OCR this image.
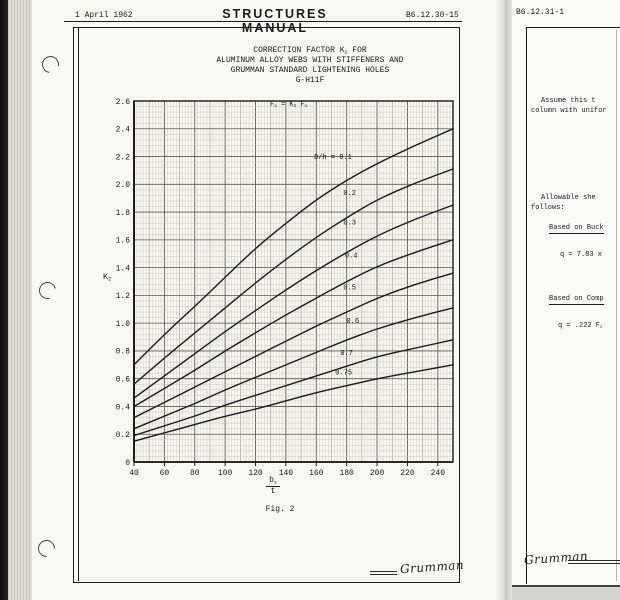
1 April 1962	STRUCTURES MANUAL
B6.12.30-15
CORRECTION FACTOR $K_2$ FOR
ALUMINUM ALLOY WEBS WITH STIFFENERS AND
GRUMMAN STANDARD LIGHTENING HOLES
G-H11F
40	60	80 100 120 140 160 180 200 220 240
0
0.2
0.4
0.6
0.8
1.0
1.2
1.4
1.6
1.8
2.0
2.2
2.4
2.6
D/h = 0.1
0.2
0.3
0.4
0.5
0.6
0.7
0.75
$F_s = K_2$ $F_o$
$K_2$
$\frac{b_s}{t}$
Fig. 2
Grumman
B6.12.31-1
Assume this t
column with unifor
Allowable she
follows:
Based on Buck
q = 7.83 x
Based on Comp
q = .222 $F_c$
Grumman
